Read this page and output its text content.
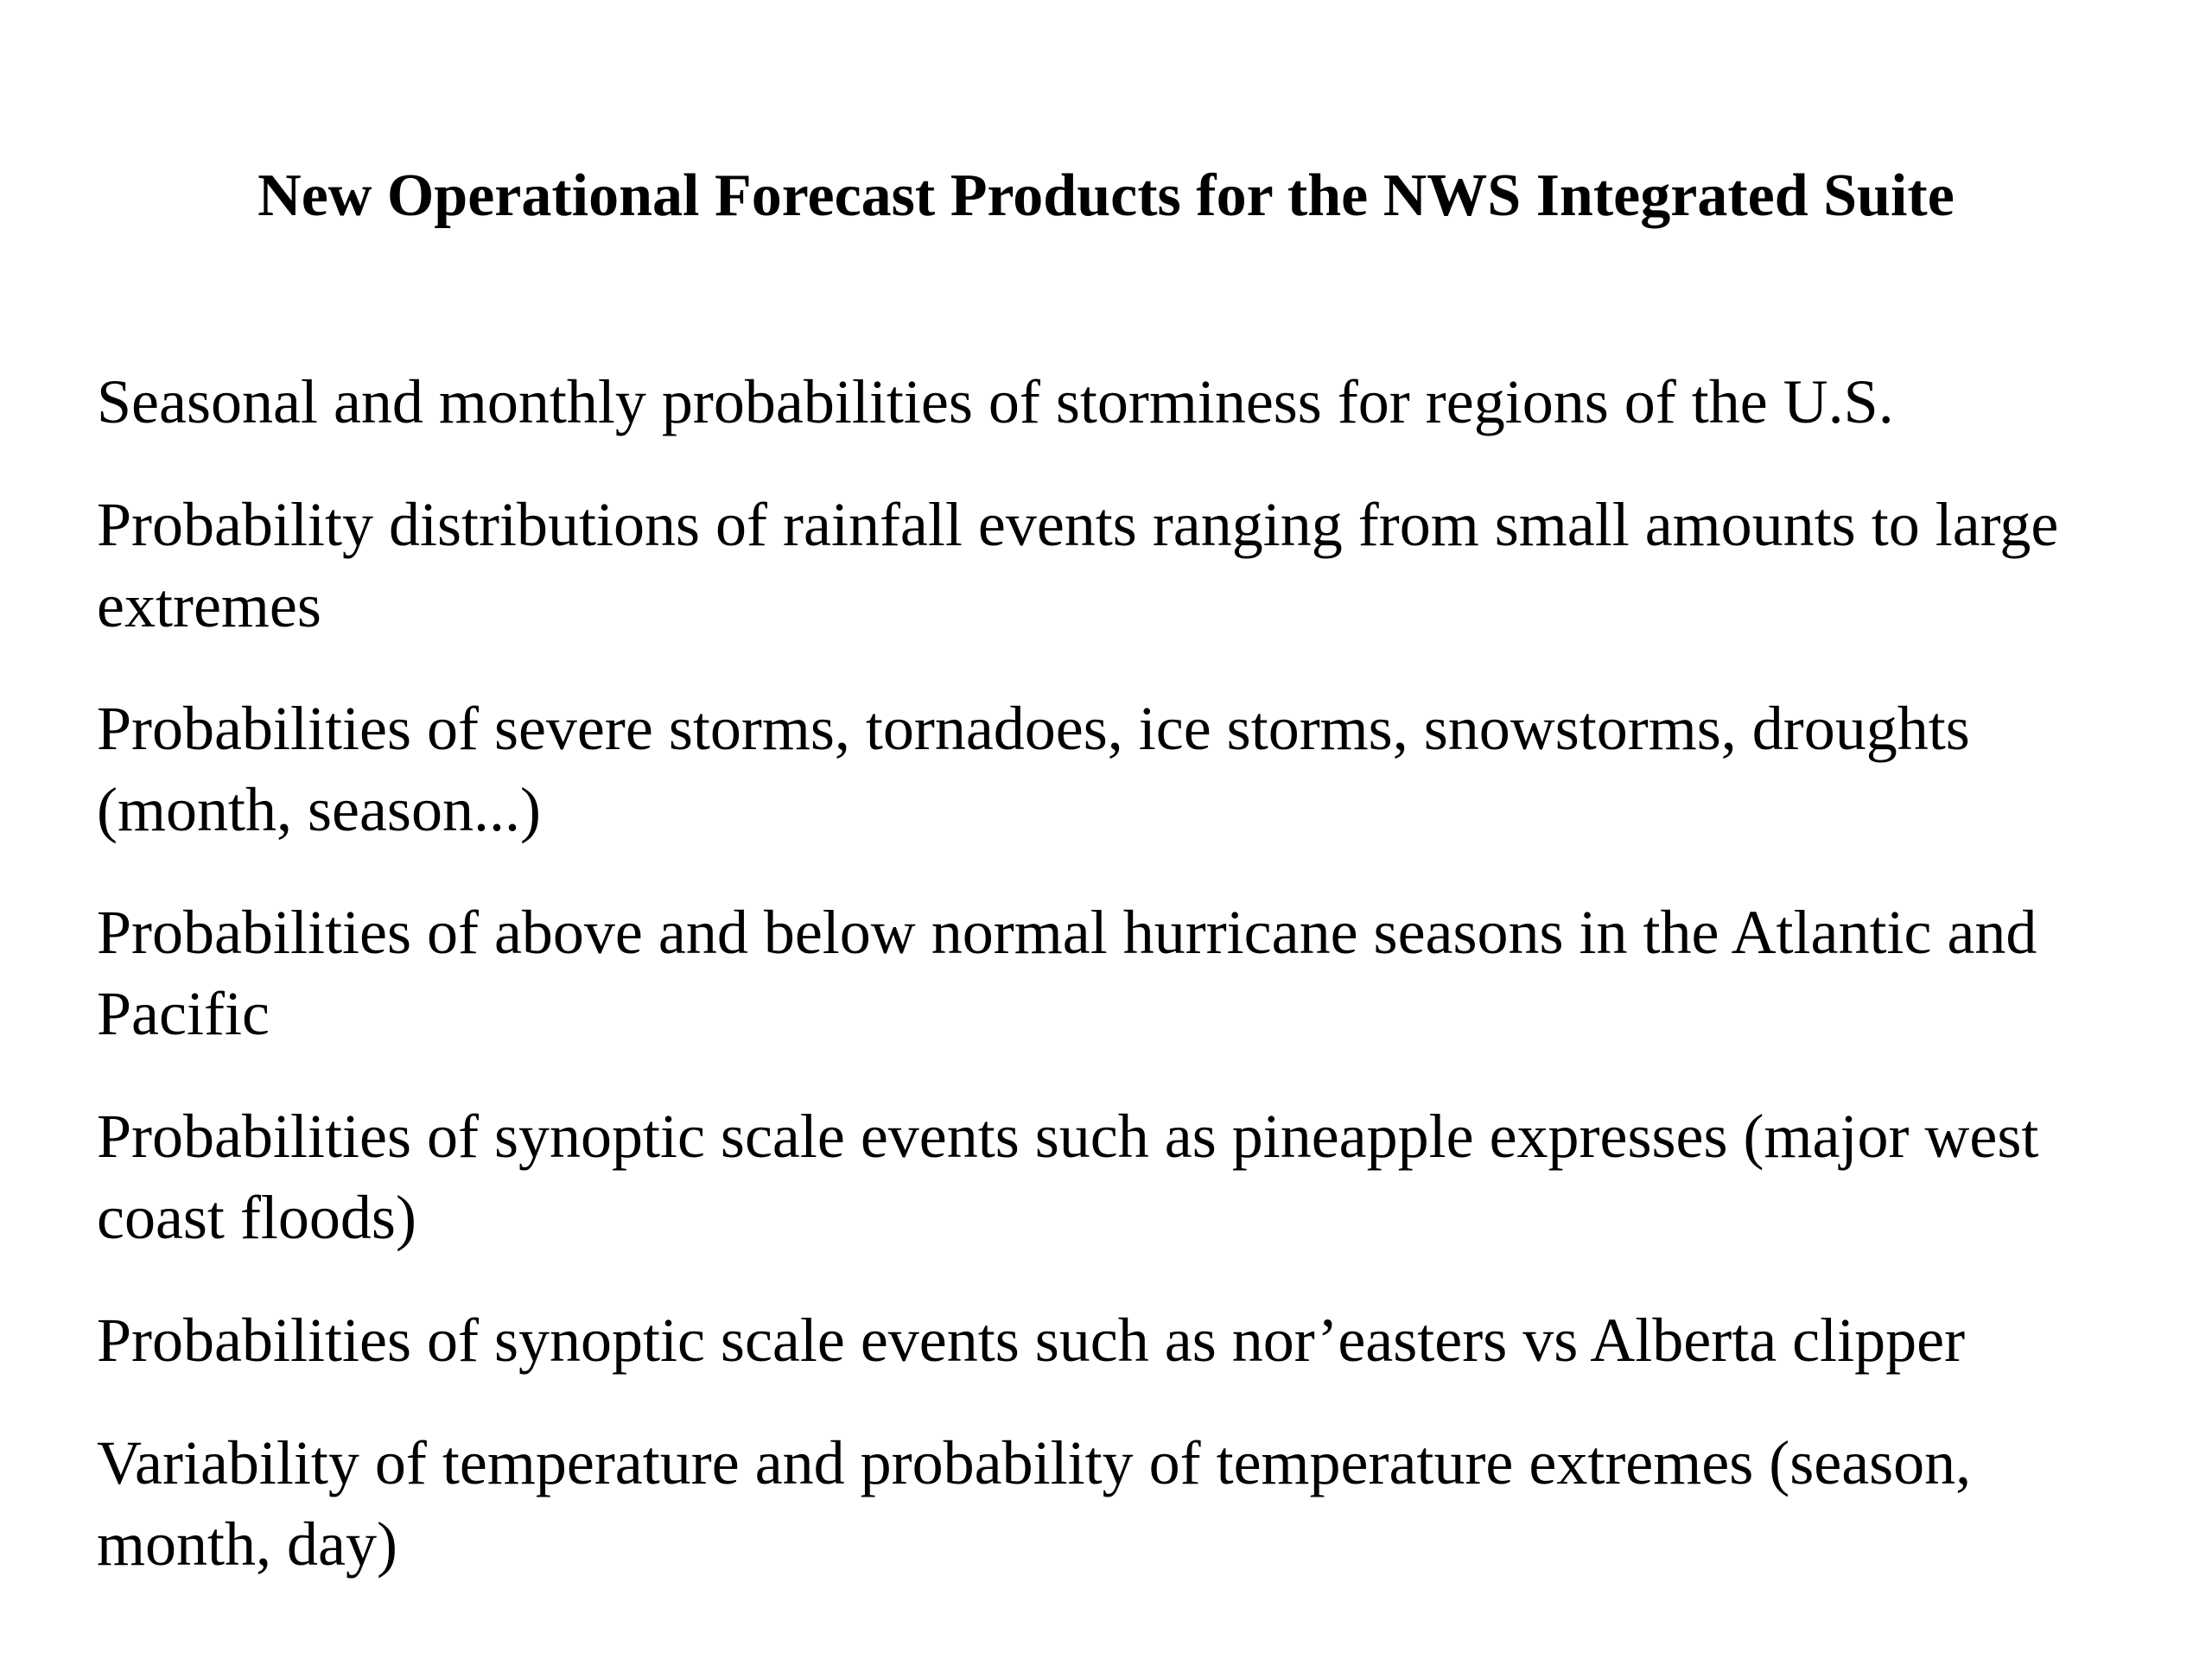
New Operational Forecast Products for the NWS Integrated Suite
Seasonal and monthly probabilities of storminess for regions of the U.S.
Probability distributions of rainfall events ranging from small amounts to large extremes
Probabilities of severe storms, tornadoes, ice storms, snowstorms, droughts (month, season...)
Probabilities of above and below normal hurricane seasons in the Atlantic and Pacific
Probabilities of synoptic scale events such as pineapple expresses (major west coast floods)
Probabilities of synoptic scale events such as nor’easters vs Alberta clipper
Variability of temperature and probability of temperature extremes (season, month, day)
